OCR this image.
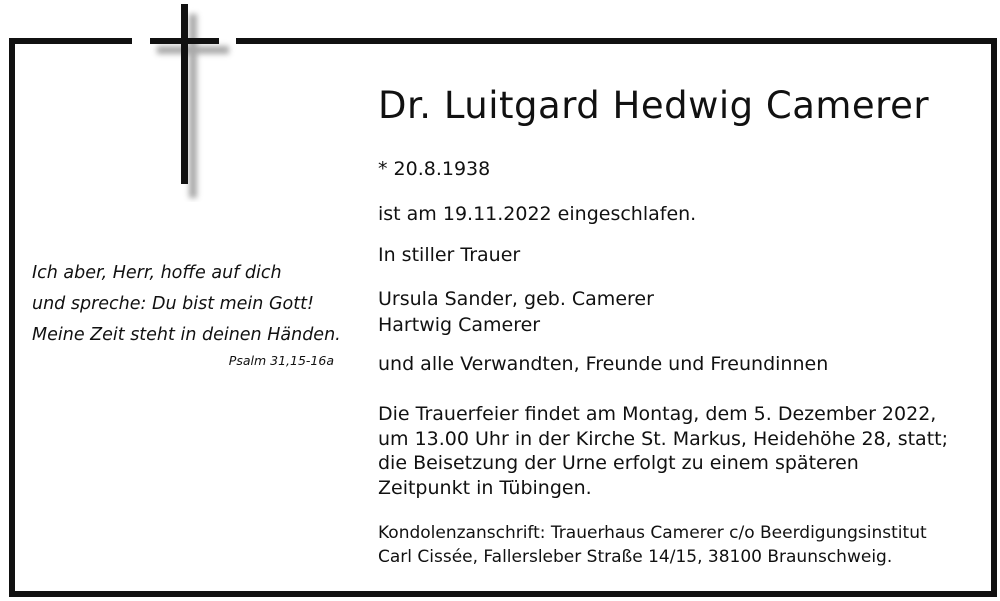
Ich aber, Herr, hoffe auf dich
und spreche: Du bist mein Gott!
Meine Zeit steht in deinen Händen.
Psalm 31,15-16a
Dr. Luitgard Hedwig Camerer
* 20.8.1938
ist am 19.11.2022 eingeschlafen.
In stiller Trauer
Ursula Sander, geb. Camerer
Hartwig Camerer
und alle Verwandten, Freunde und Freundinnen
Die Trauerfeier findet am Montag, dem 5. Dezember 2022,
um 13.00 Uhr in der Kirche St. Markus, Heidehöhe 28, statt;
die Beisetzung der Urne erfolgt zu einem späteren
Zeitpunkt in Tübingen.
Kondolenzanschrift: Trauerhaus Camerer c/o Beerdigungsinstitut
Carl Cissée, Fallersleber Straße 14/15, 38100 Braunschweig.
